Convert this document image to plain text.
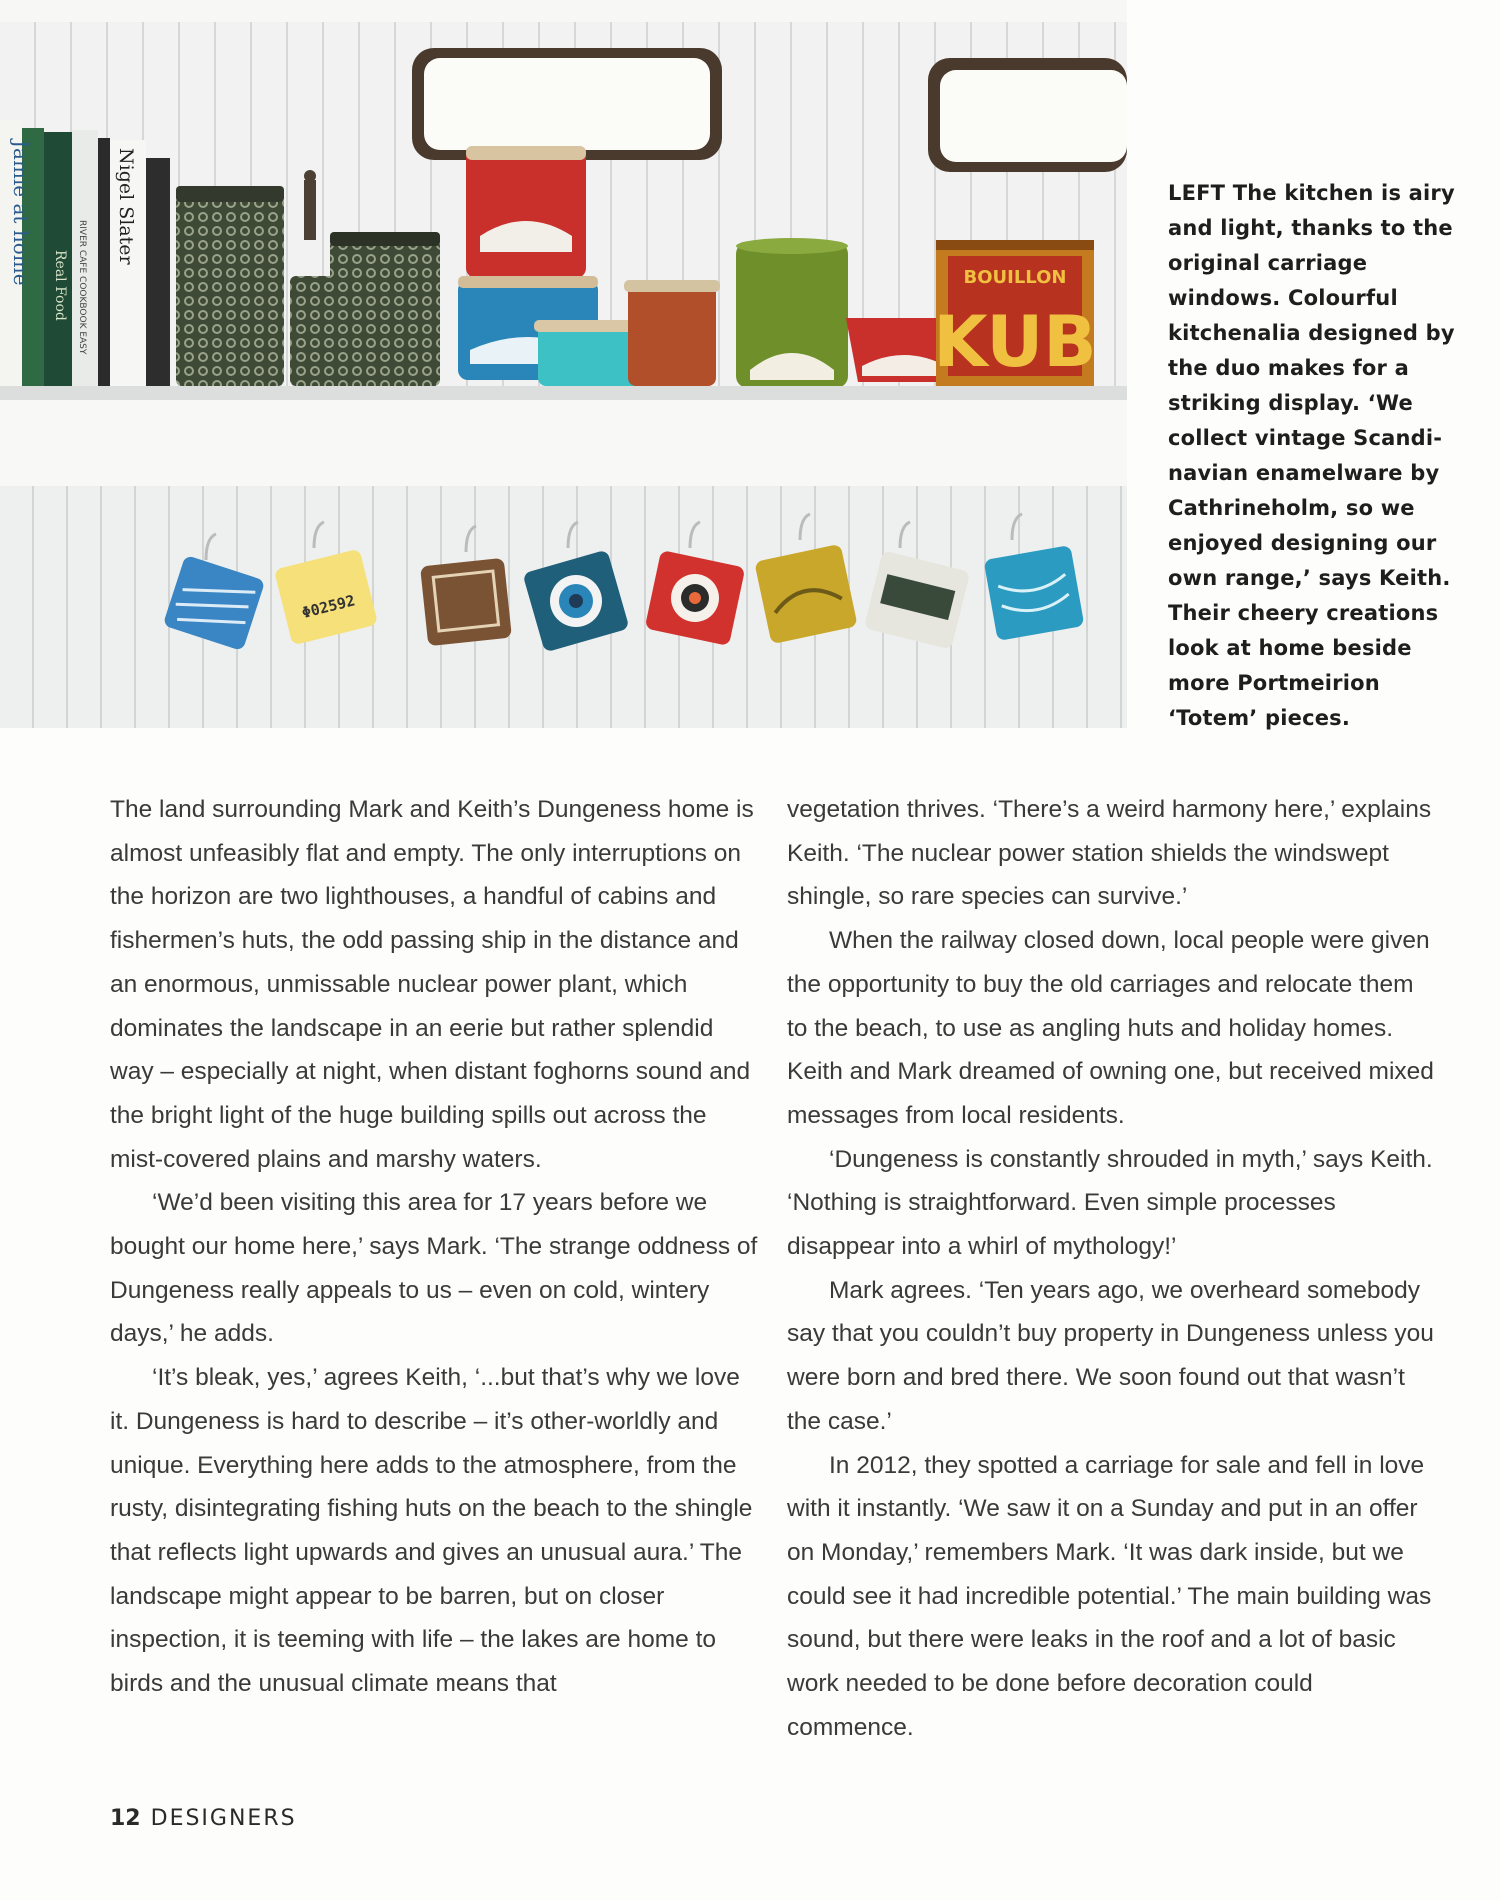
Jamie at home Real Food RIVER CAFE COOKBOOK EASY
Nigel Slater
BOUILLON
KUB
Φ02592
LEFT The kitchen is airy and light, thanks to the original carriage windows. Colourful kitchenalia designed by the duo makes for a striking display. ‘We collect vintage Scandi-navian enamelware by Cathrineholm, so we enjoyed designing our own range,’ says Keith. Their cheery creations look at home beside more Portmeirion ‘Totem’ pieces.

The land surrounding Mark and Keith’s Dungeness home is almost unfeasibly flat and empty. The only interruptions on the horizon are two lighthouses, a handful of cabins and fishermen’s huts, the odd passing ship in the distance and an enormous, unmissable nuclear power plant, which dominates the landscape in an eerie but rather splendid way – especially at night, when distant foghorns sound and the bright light of the huge building spills out across the mist-covered plains and marshy waters.

‘We’d been visiting this area for 17 years before we bought our home here,’ says Mark. ‘The strange oddness of Dungeness really appeals to us – even on cold, wintery days,’ he adds.

‘It’s bleak, yes,’ agrees Keith, ‘...but that’s why we love it. Dungeness is hard to describe – it’s other-worldly and unique. Everything here adds to the atmosphere, from the rusty, disintegrating fishing huts on the beach to the shingle that reflects light upwards and gives an unusual aura.’ The landscape might appear to be barren, but on closer inspection, it is teeming with life – the lakes are home to birds and the unusual climate means that

vegetation thrives. ‘There’s a weird harmony here,’ explains Keith. ‘The nuclear power station shields the windswept shingle, so rare species can survive.’

When the railway closed down, local people were given the opportunity to buy the old carriages and relocate them to the beach, to use as angling huts and holiday homes. Keith and Mark dreamed of owning one, but received mixed messages from local residents.

‘Dungeness is constantly shrouded in myth,’ says Keith. ‘Nothing is straightforward. Even simple processes disappear into a whirl of mythology!’

Mark agrees. ‘Ten years ago, we overheard somebody say that you couldn’t buy property in Dungeness unless you were born and bred there. We soon found out that wasn’t the case.’

In 2012, they spotted a carriage for sale and fell in love with it instantly. ‘We saw it on a Sunday and put in an offer on Monday,’ remembers Mark. ‘It was dark inside, but we could see it had incredible potential.’ The main building was sound, but there were leaks in the roof and a lot of basic work needed to be done before decoration could commence.

12 DESIGNERS
